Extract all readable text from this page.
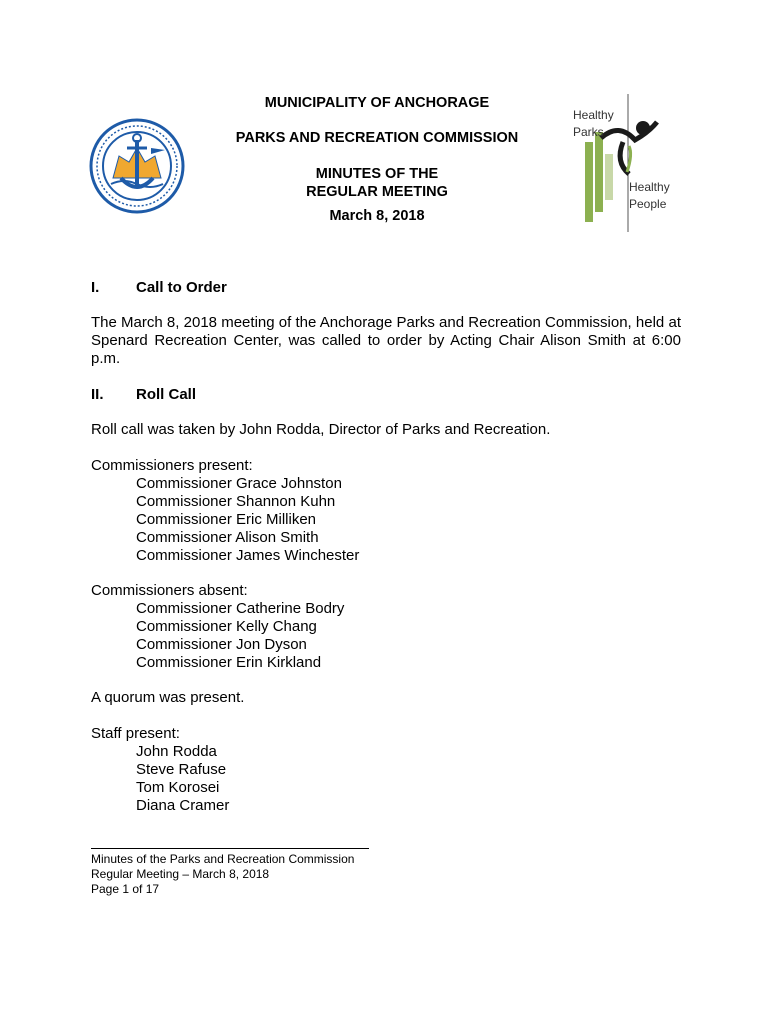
MUNICIPALITY OF ANCHORAGE
PARKS AND RECREATION COMMISSION
MINUTES OF THE
REGULAR MEETING
March 8, 2018
Healthy
Parks
Healthy
People
I. Call to Order
The March 8, 2018 meeting of the Anchorage Parks and Recreation Commission, held at Spenard Recreation Center, was called to order by Acting Chair Alison Smith at 6:00 p.m.
II. Roll Call
Roll call was taken by John Rodda, Director of Parks and Recreation.
Commissioners present:
Commissioner Grace Johnston
Commissioner Shannon Kuhn
Commissioner Eric Milliken
Commissioner Alison Smith
Commissioner James Winchester
Commissioners absent:
Commissioner Catherine Bodry
Commissioner Kelly Chang
Commissioner Jon Dyson
Commissioner Erin Kirkland
A quorum was present.
Staff present:
John Rodda
Steve Rafuse
Tom Korosei
Diana Cramer
Minutes of the Parks and Recreation Commission
Regular Meeting – March 8, 2018
Page 1 of 17
